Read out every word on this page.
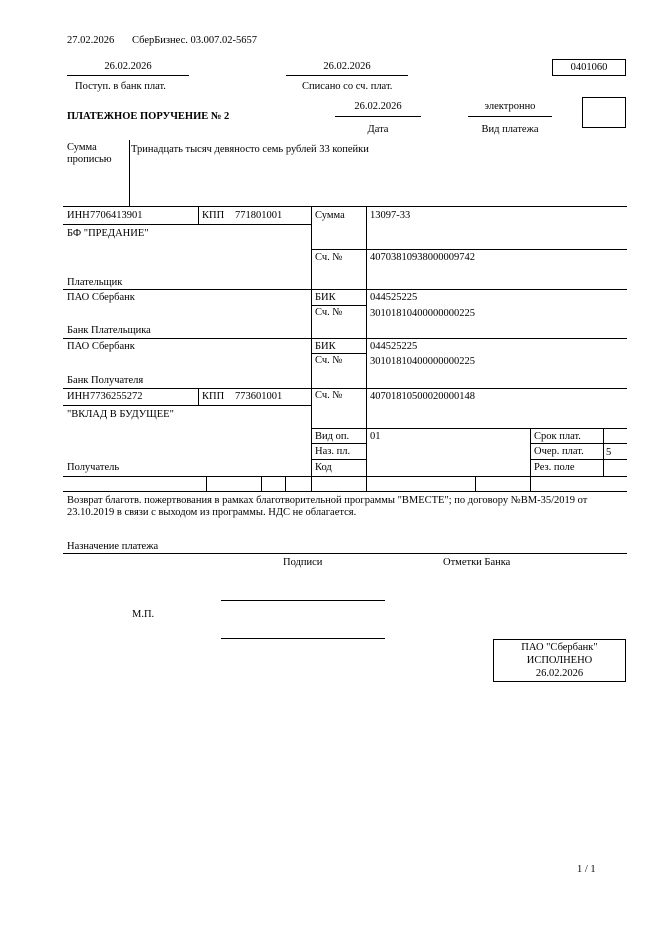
27.02.2026 СберБизнес. 03.007.02-5657
26.02.2026
Поступ. в банк плат.
26.02.2026
Списано со сч. плат.
0401060
ПЛАТЕЖНОЕ ПОРУЧЕНИЕ № 2
26.02.2026
Дата
электронно
Вид платежа
Сумма
прописью
Тринадцать тысяч девяносто семь рублей 33 копейки
ИНН 7706413901	КПП 771801001
БФ "ПРЕДАНИЕ"
Плательщик
Сумма 13097-33
Сч. №	40703810938000009742
ПАО Сбербанк
Банк Плательщика
БИК	044525225
Сч. №	30101810400000000225
ПАО Сбербанк
Банк Получателя
БИК	044525225
Сч. №	30101810400000000225
ИНН 7736255272	КПП 773601001
"ВКЛАД В БУДУЩЕЕ"
Получатель
Сч. №	40701810500020000148
Вид оп. 01
Наз. пл.
Код
Срок плат.
Очер. плат. 5
Рез. поле
Возврат благотв. пожертвования в рамках благотворительной программы "ВМЕСТЕ"; по договору №ВМ-35/2019 от 23.10.2019 в связи с выходом из программы. НДС не облагается.
Назначение платежа
Подписи	Отметки Банка
М.П.
ПАО "Сбербанк"
ИСПОЛНЕНО
26.02.2026
1 / 1
